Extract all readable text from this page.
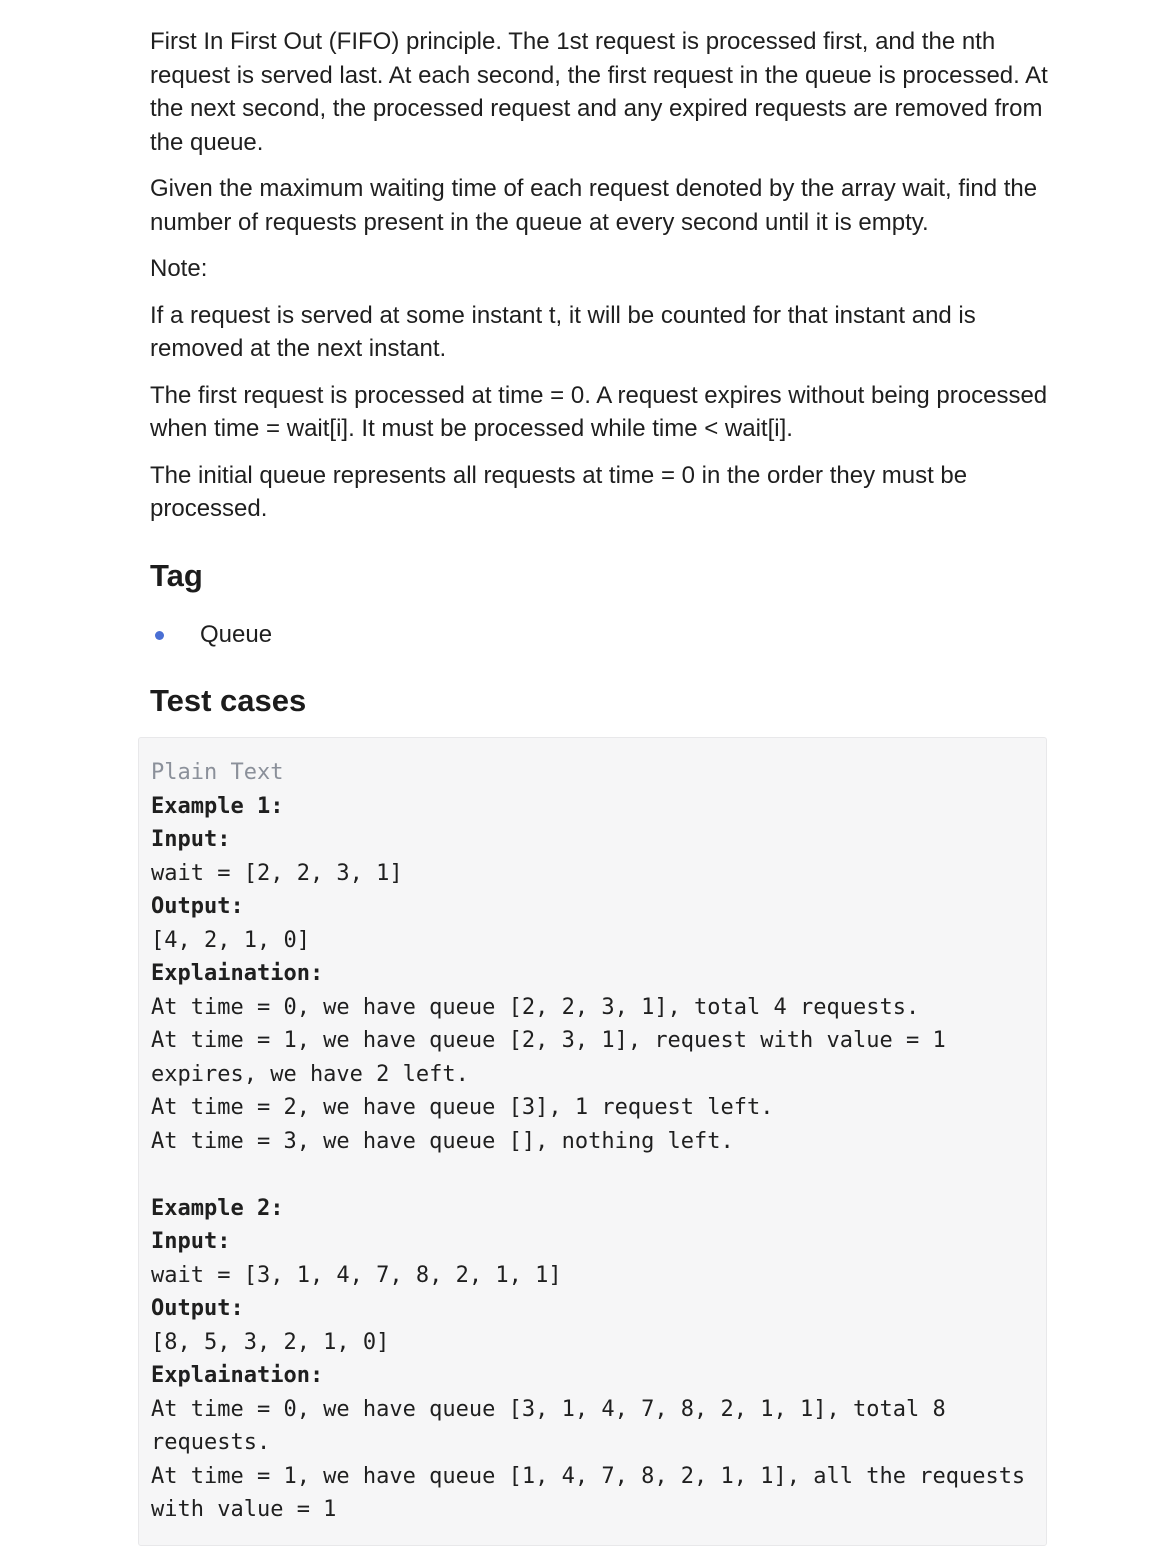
First In First Out (FIFO) principle. The 1st request is processed first, and the nth request is served last. At each second, the first request in the queue is processed. At the next second, the processed request and any expired requests are removed from the queue.

Given the maximum waiting time of each request denoted by the array wait, find the number of requests present in the queue at every second until it is empty.

Note:

If a request is served at some instant t, it will be counted for that instant and is removed at the next instant.

The first request is processed at time = 0. A request expires without being processed when time = wait[i]. It must be processed while time < wait[i].

The initial queue represents all requests at time = 0 in the order they must be processed.

Tag
Queue
Test cases
Plain Text
Example 1:
Input:
wait = [2, 2, 3, 1]
Output:
[4, 2, 1, 0]
Explaination:
At time = 0, we have queue [2, 2, 3, 1], total 4 requests.
At time = 1, we have queue [2, 3, 1], request with value = 1
expires, we have 2 left.
At time = 2, we have queue [3], 1 request left.
At time = 3, we have queue [], nothing left.
Example 2:
Input:
wait = [3, 1, 4, 7, 8, 2, 1, 1]
Output:
[8, 5, 3, 2, 1, 0]
Explaination:
At time = 0, we have queue [3, 1, 4, 7, 8, 2, 1, 1], total 8
requests.
At time = 1, we have queue [1, 4, 7, 8, 2, 1, 1], all the requests
with value = 1
